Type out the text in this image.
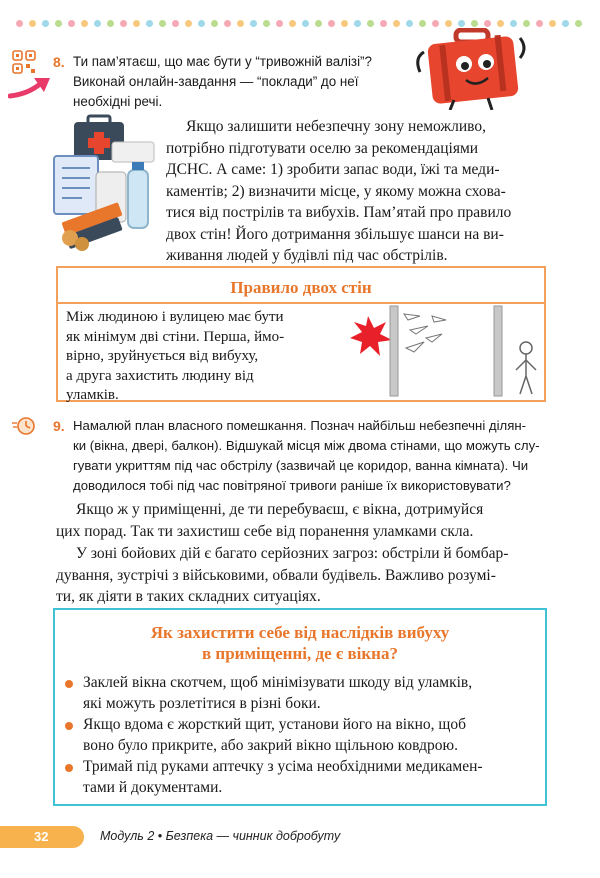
8. Ти пам’ятаєш, що має бути у “тривожній валізі”?
Виконай онлайн-завдання — “поклади” до неї
необхідні речі.
Якщо залишити небезпечну зону неможливо,
потрібно підготувати оселю за рекомендаціями
ДСНС. А саме: 1) зробити запас води, їжі та меди-
каментів; 2) визначити місце, у якому можна схова-
тися від пострілів та вибухів. Пам’ятай про правило
двох стін! Його дотримання збільшує шанси на ви-
живання людей у будівлі під час обстрілів.
Правило двох стін
Між людиною і вулицею має бути
як мінімум дві стіни. Перша, ймо-
вірно, зруйнується від вибуху,
а друга захистить людину від
уламків.
9. Намалюй план власного помешкання. Познач найбільш небезпечні ділян-
ки (вікна, двері, балкон). Відшукай місця між двома стінами, що можуть слу-
гувати укриттям під час обстрілу (зазвичай це коридор, ванна кімната). Чи
доводилося тобі під час повітряної тривоги раніше їх використовувати?
Якщо ж у приміщенні, де ти перебуваєш, є вікна, дотримуйся
цих порад. Так ти захистиш себе від поранення уламками скла.
У зоні бойових дій є багато серйозних загроз: обстріли й бомбар-
дування, зустрічі з військовими, обвали будівель. Важливо розумі-
ти, як діяти в таких складних ситуаціях.
Як захистити себе від наслідків вибуху
в приміщенні, де є вікна?
Заклей вікна скотчем, щоб мінімізувати шкоду від уламків,
які можуть розлетітися в різні боки.
Якщо вдома є жорсткий щит, установи його на вікно, щоб
воно було прикрите, або закрий вікно щільною ковдрою.
Тримай під руками аптечку з усіма необхідними медикамен-
тами й документами.
32	Модуль 2 • Безпека — чинник добробуту
